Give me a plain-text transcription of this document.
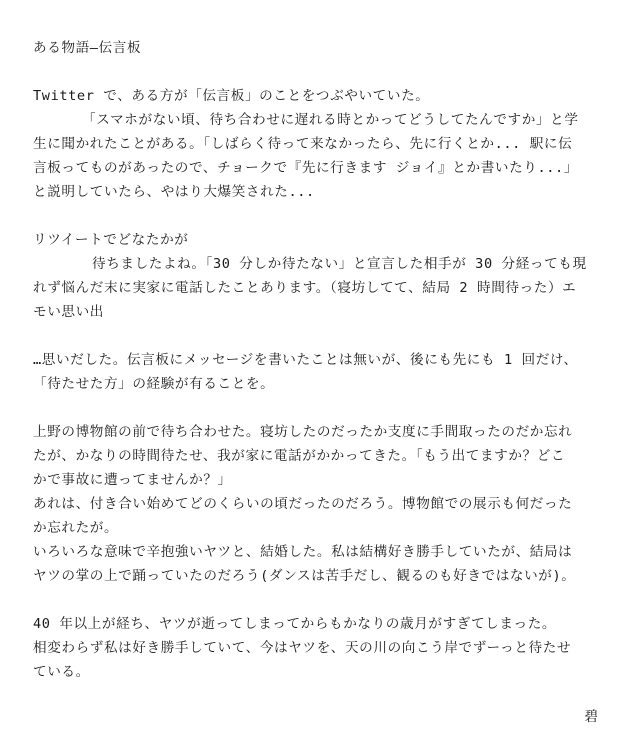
ある物語―伝言板
Twitter で、ある方が「伝言板」のことをつぶやいていた。
「スマホがない頃、待ち合わせに遅れる時とかってどうしてたんですか」と学
生に聞かれたことがある。「しばらく待って来なかったら、先に行くとか... 駅に伝
言板ってものがあったので、チョークで『先に行きます ジョイ』とか書いたり...」
と説明していたら、やはり大爆笑された...
リツイートでどなたかが
待ちましたよね。「30 分しか待たない」と宣言した相手が 30 分経っても現
れず悩んだ末に実家に電話したことあります。（寝坊してて、結局 2 時間待った）エ
モい思い出
…思いだした。伝言板にメッセージを書いたことは無いが、後にも先にも 1 回だけ、
「待たせた方」の経験が有ることを。
上野の博物館の前で待ち合わせた。寝坊したのだったか支度に手間取ったのだか忘れ
たが、かなりの時間待たせ、我が家に電話がかかってきた。「もう出てますか？どこ
かで事故に遭ってませんか？」
あれは、付き合い始めてどのくらいの頃だったのだろう。博物館での展示も何だった
か忘れたが。
いろいろな意味で辛抱強いヤツと、結婚した。私は結構好き勝手していたが、結局は
ヤツの掌の上で踊っていたのだろう(ダンスは苦手だし、観るのも好きではないが)。
40 年以上が経ち、ヤツが逝ってしまってからもかなりの歳月がすぎてしまった。
相変わらず私は好き勝手していて、今はヤツを、天の川の向こう岸でずーっと待たせ
ている。
碧
